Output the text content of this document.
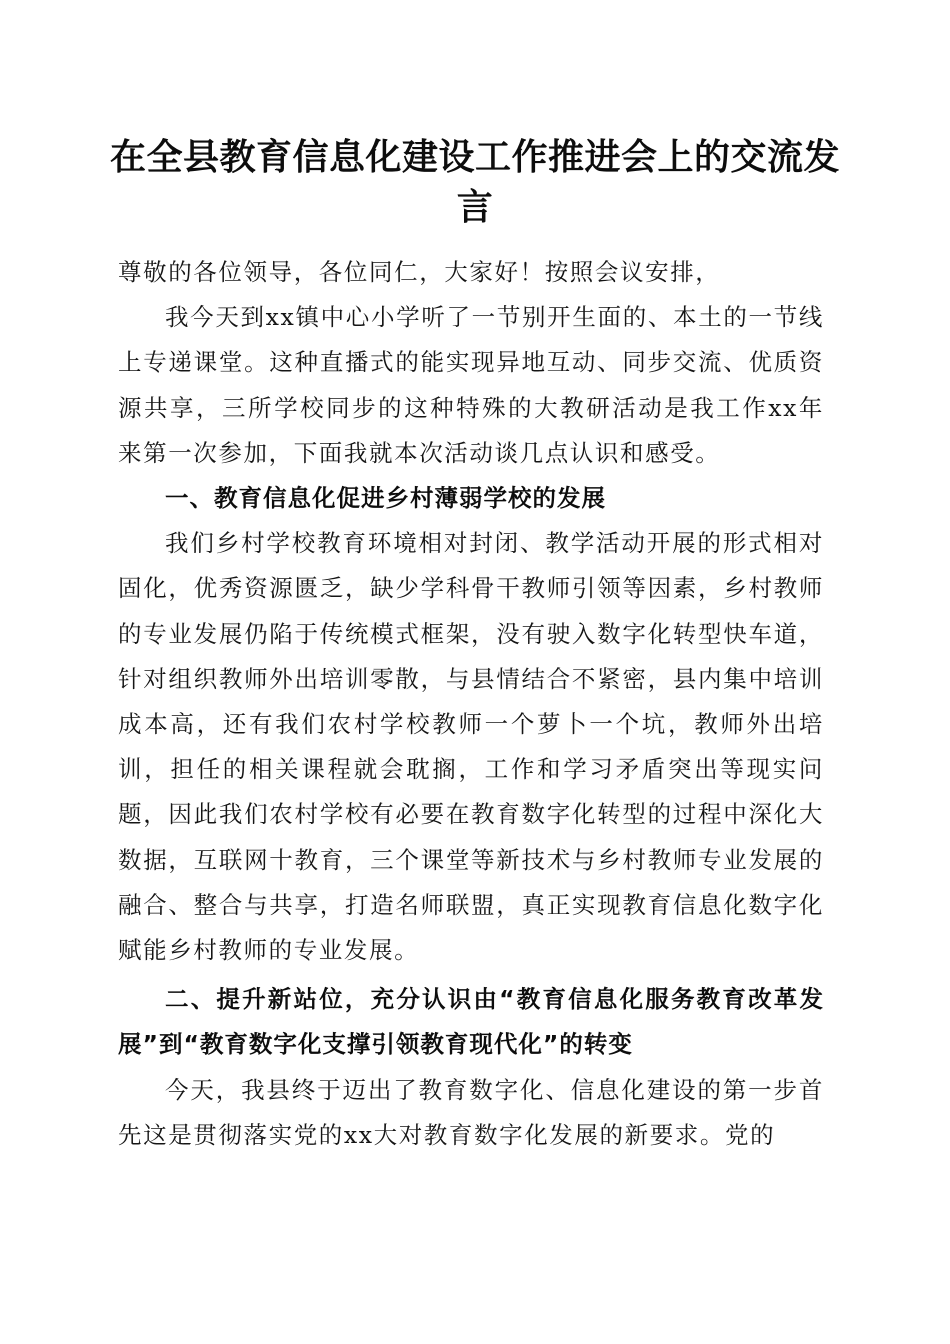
在全县教育信息化建设工作推进会上的交流发言

尊敬的各位领导，各位同仁，大家好！按照会议安排，

我今天到xx镇中心小学听了一节别开生面的、本土的一节线上专递课堂。这种直播式的能实现异地互动、同步交流、优质资源共享，三所学校同步的这种特殊的大教研活动是我工作xx年来第一次参加，下面我就本次活动谈几点认识和感受。

一、教育信息化促进乡村薄弱学校的发展

我们乡村学校教育环境相对封闭、教学活动开展的形式相对固化，优秀资源匮乏，缺少学科骨干教师引领等因素，乡村教师的专业发展仍陷于传统模式框架，没有驶入数字化转型快车道，针对组织教师外出培训零散，与县情结合不紧密，县内集中培训成本高，还有我们农村学校教师一个萝卜一个坑，教师外出培训，担任的相关课程就会耽搁，工作和学习矛盾突出等现实问题，因此我们农村学校有必要在教育数字化转型的过程中深化大数据，互联网十教育，三个课堂等新技术与乡村教师专业发展的融合、整合与共享，打造名师联盟，真正实现教育信息化数字化赋能乡村教师的专业发展。

二、提升新站位，充分认识由“教育信息化服务教育改革发展”到“教育数字化支撑引领教育现代化”的转变

今天，我县终于迈出了教育数字化、信息化建设的第一步首先这是贯彻落实党的xx大对教育数字化发展的新要求。党的
